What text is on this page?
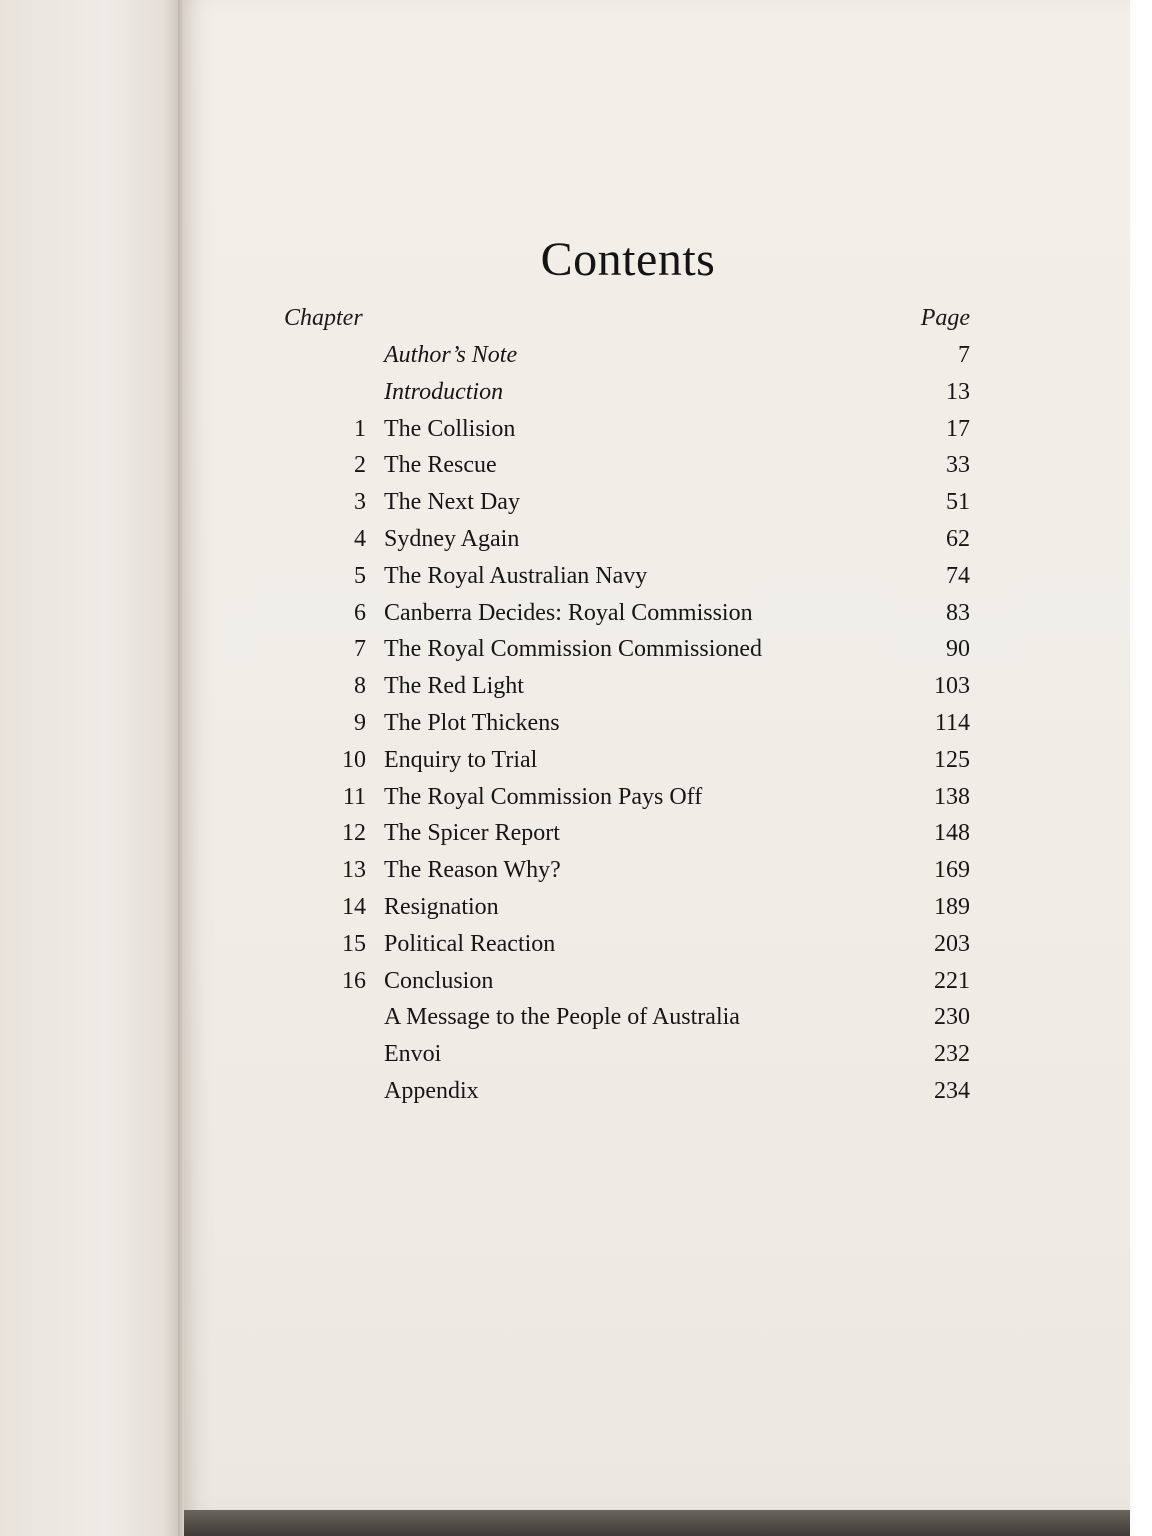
Contents
Chapter	Page
Author’s Note	7
Introduction	13
1 The Collision	17
2 The Rescue	33
3 The Next Day	51
4 Sydney Again	62
5 The Royal Australian Navy	74
6 Canberra Decides: Royal Commission	83
7 The Royal Commission Commissioned	90
8 The Red Light	103
9 The Plot Thickens	114
10 Enquiry to Trial	125
11 The Royal Commission Pays Off	138
12 The Spicer Report	148
13 The Reason Why?	169
14 Resignation	189
15 Political Reaction	203
16 Conclusion	221
A Message to the People of Australia	230
Envoi	232
Appendix	234
